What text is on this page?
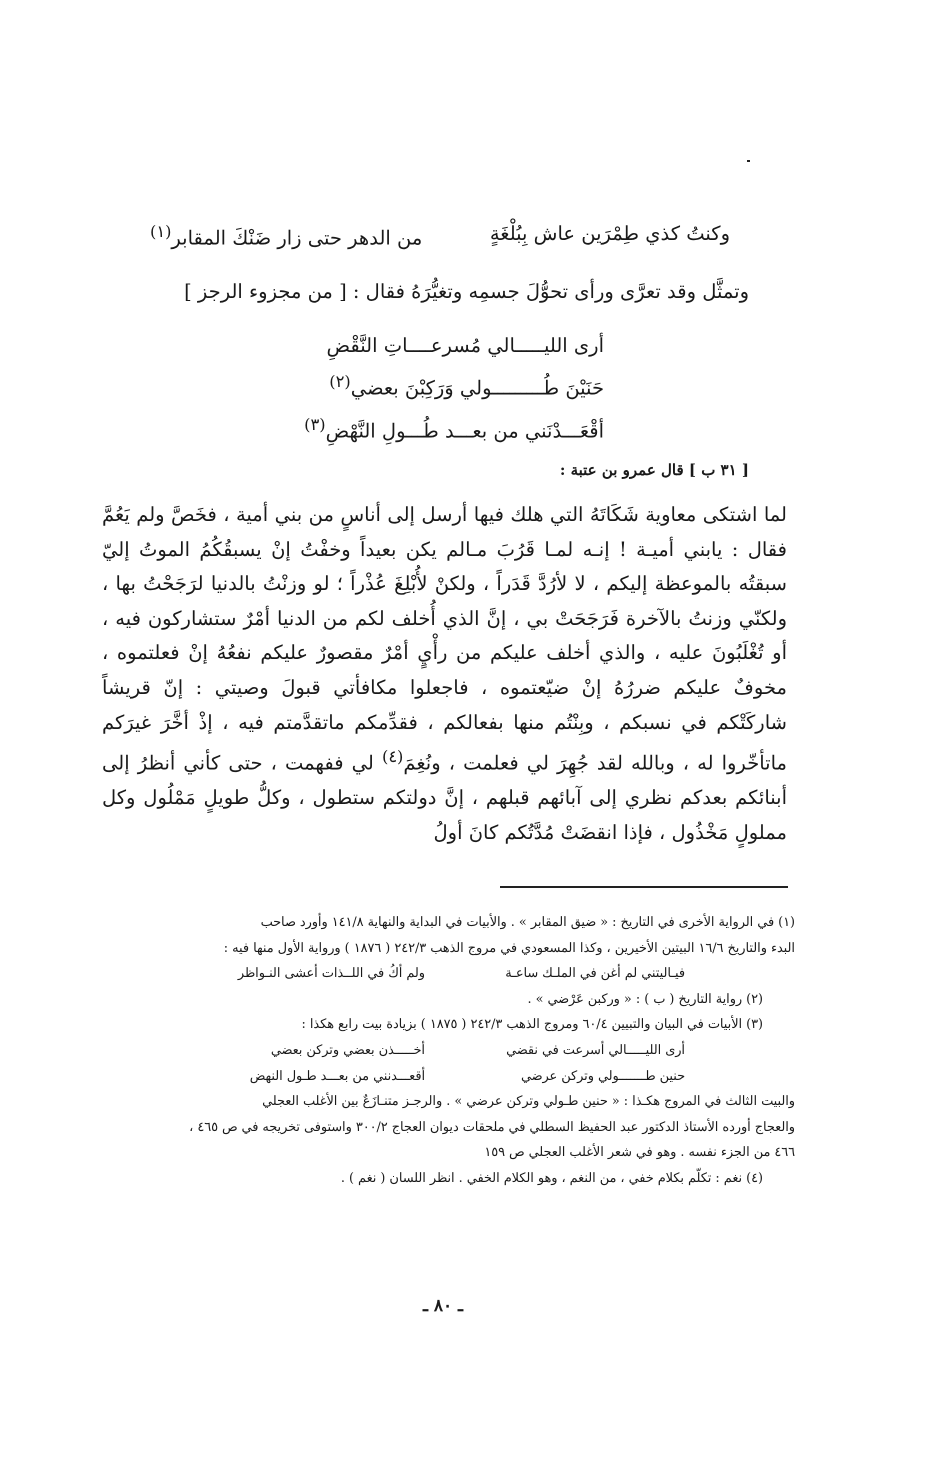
وكنتُ كذي طِمْرَين عاش بِبُلْغَةٍ
من الدهر حتى زار ضَنْكَ المقابر$^{(١)}$
وتمثَّل وقد تعرَّى ورأى تحوُّلَ جسمِه وتغيُّرَهُ فقال : [ من مجزوء الرجز ]
أرى الليـــــالي مُسرعــــاتِ النَّقْضِ
حَنَيْنَ طُـــــــــولي وَرَكِبْنَ بعضي$^{(٢)}$
أقْعَـــدْنَني من بعـــد طُـــولِ النَّهْضِ$^{(٣)}$
[ ٣١ ب ] قال عمرو بن عتبة :

لما اشتكى معاوية شَكَاتَهُ التي هلك فيها أرسل إلى أناسٍ من بني أمية ، فخَصَّ ولم يَعُمَّ فقال : يابني أميـة ! إنـه لمـا قَرُبَ مـالم يكن بعيداً وخفْتُ إنْ يسبقُكُمُ الموتُ إليّ سبقتُه بالموعظة إليكم ، لا لأرُدَّ قَدَراً ، ولكنْ لأُبْلِغَ عُذْراً ؛ لو وزنْتُ بالدنيا لرَجَحْتُ بها ، ولكنّي وزنتُ بالآخرة فَرَجَحَتْ بي ، إنَّ الذي أُخلف لكم من الدنيا أمْرٌ ستشاركون فيه ، أو تُغْلَبُونَ عليه ، والذي أخلف عليكم من رأْيٍ أمْرٌ مقصورٌ عليكم نفعُهُ إنْ فعلتموه ، مخوفٌ عليكم ضررُهُ إنْ ضيّعتموه ، فاجعلوا مكافأتي قبولَ وصيتي : إنّ قريشاً شاركَتْكم في نسبكم ، وبِنْتُم منها بفعالكم ، فقدِّمكم ماتقدَّمتم فيه ، إذْ أخَّرَ غيرَكم ماتأخّروا له ، وبالله لقد جُهِرَ لي فعلمت ، ونُغِمَ$^{(٤)}$ لي ففهمت ، حتى كأني أنظرُ إلى أبنائكم بعدكم نظري إلى آبائهم قبلهم ، إنَّ دولتكم ستطول ، وكلُّ طويلٍ مَمْلُول وكل مملولٍ مَخْذُول ، فإذا انقضَتْ مُدَّتُكم كانَ أولُ

(١) في الرواية الأخرى في التاريخ : « ضيق المقابر » . والأبيات في البداية والنهاية ١٤١/٨ وأورد صاحب
البدء والتاريخ ١٦/٦ البيتين الأخيرين ، وكذا المسعودي في مروج الذهب ٢٤٢/٣ ( ١٨٧٦ ) ورواية الأول منها فيه :
فيـاليتني لم أغن في الملـك ساعـة
ولم أكُ في اللــذات أعشى النـواظر
(٢) رواية التاريخ ( ب ) : « وركبن عَرْضي » .
(٣) الأبيات في البيان والتبيين ٦٠/٤ ومروج الذهب ٢٤٢/٣ ( ١٨٧٥ ) بزيادة بيت رابع هكذا :
أرى الليـــــالي أسرعت في نقضي
أخـــــذن بعضي وتركن بعضي
حنين طـــــــولي وتركن عرضي
أقعـــدنني من بعـــد طـول النهض
والبيت الثالث في المروج هكـذا : « حنين طـولي وتركن عرضي » . والرجـز متنـازَعٌ بين الأغلب العجلي
والعجاج أورده الأستاذ الدكتور عبد الحفيظ السطلي في ملحقات ديوان العجاج ٣٠٠/٢ واستوفى تخريجه في ص ٤٦٥ ،
٤٦٦ من الجزء نفسه . وهو في شعر الأغلب العجلي ص ١٥٩
(٤) نغم : تكلّم بكلام خفي ، من النغم ، وهو الكلام الخفي . انظر اللسان ( نغم ) .
ـ ٨٠ ـ
